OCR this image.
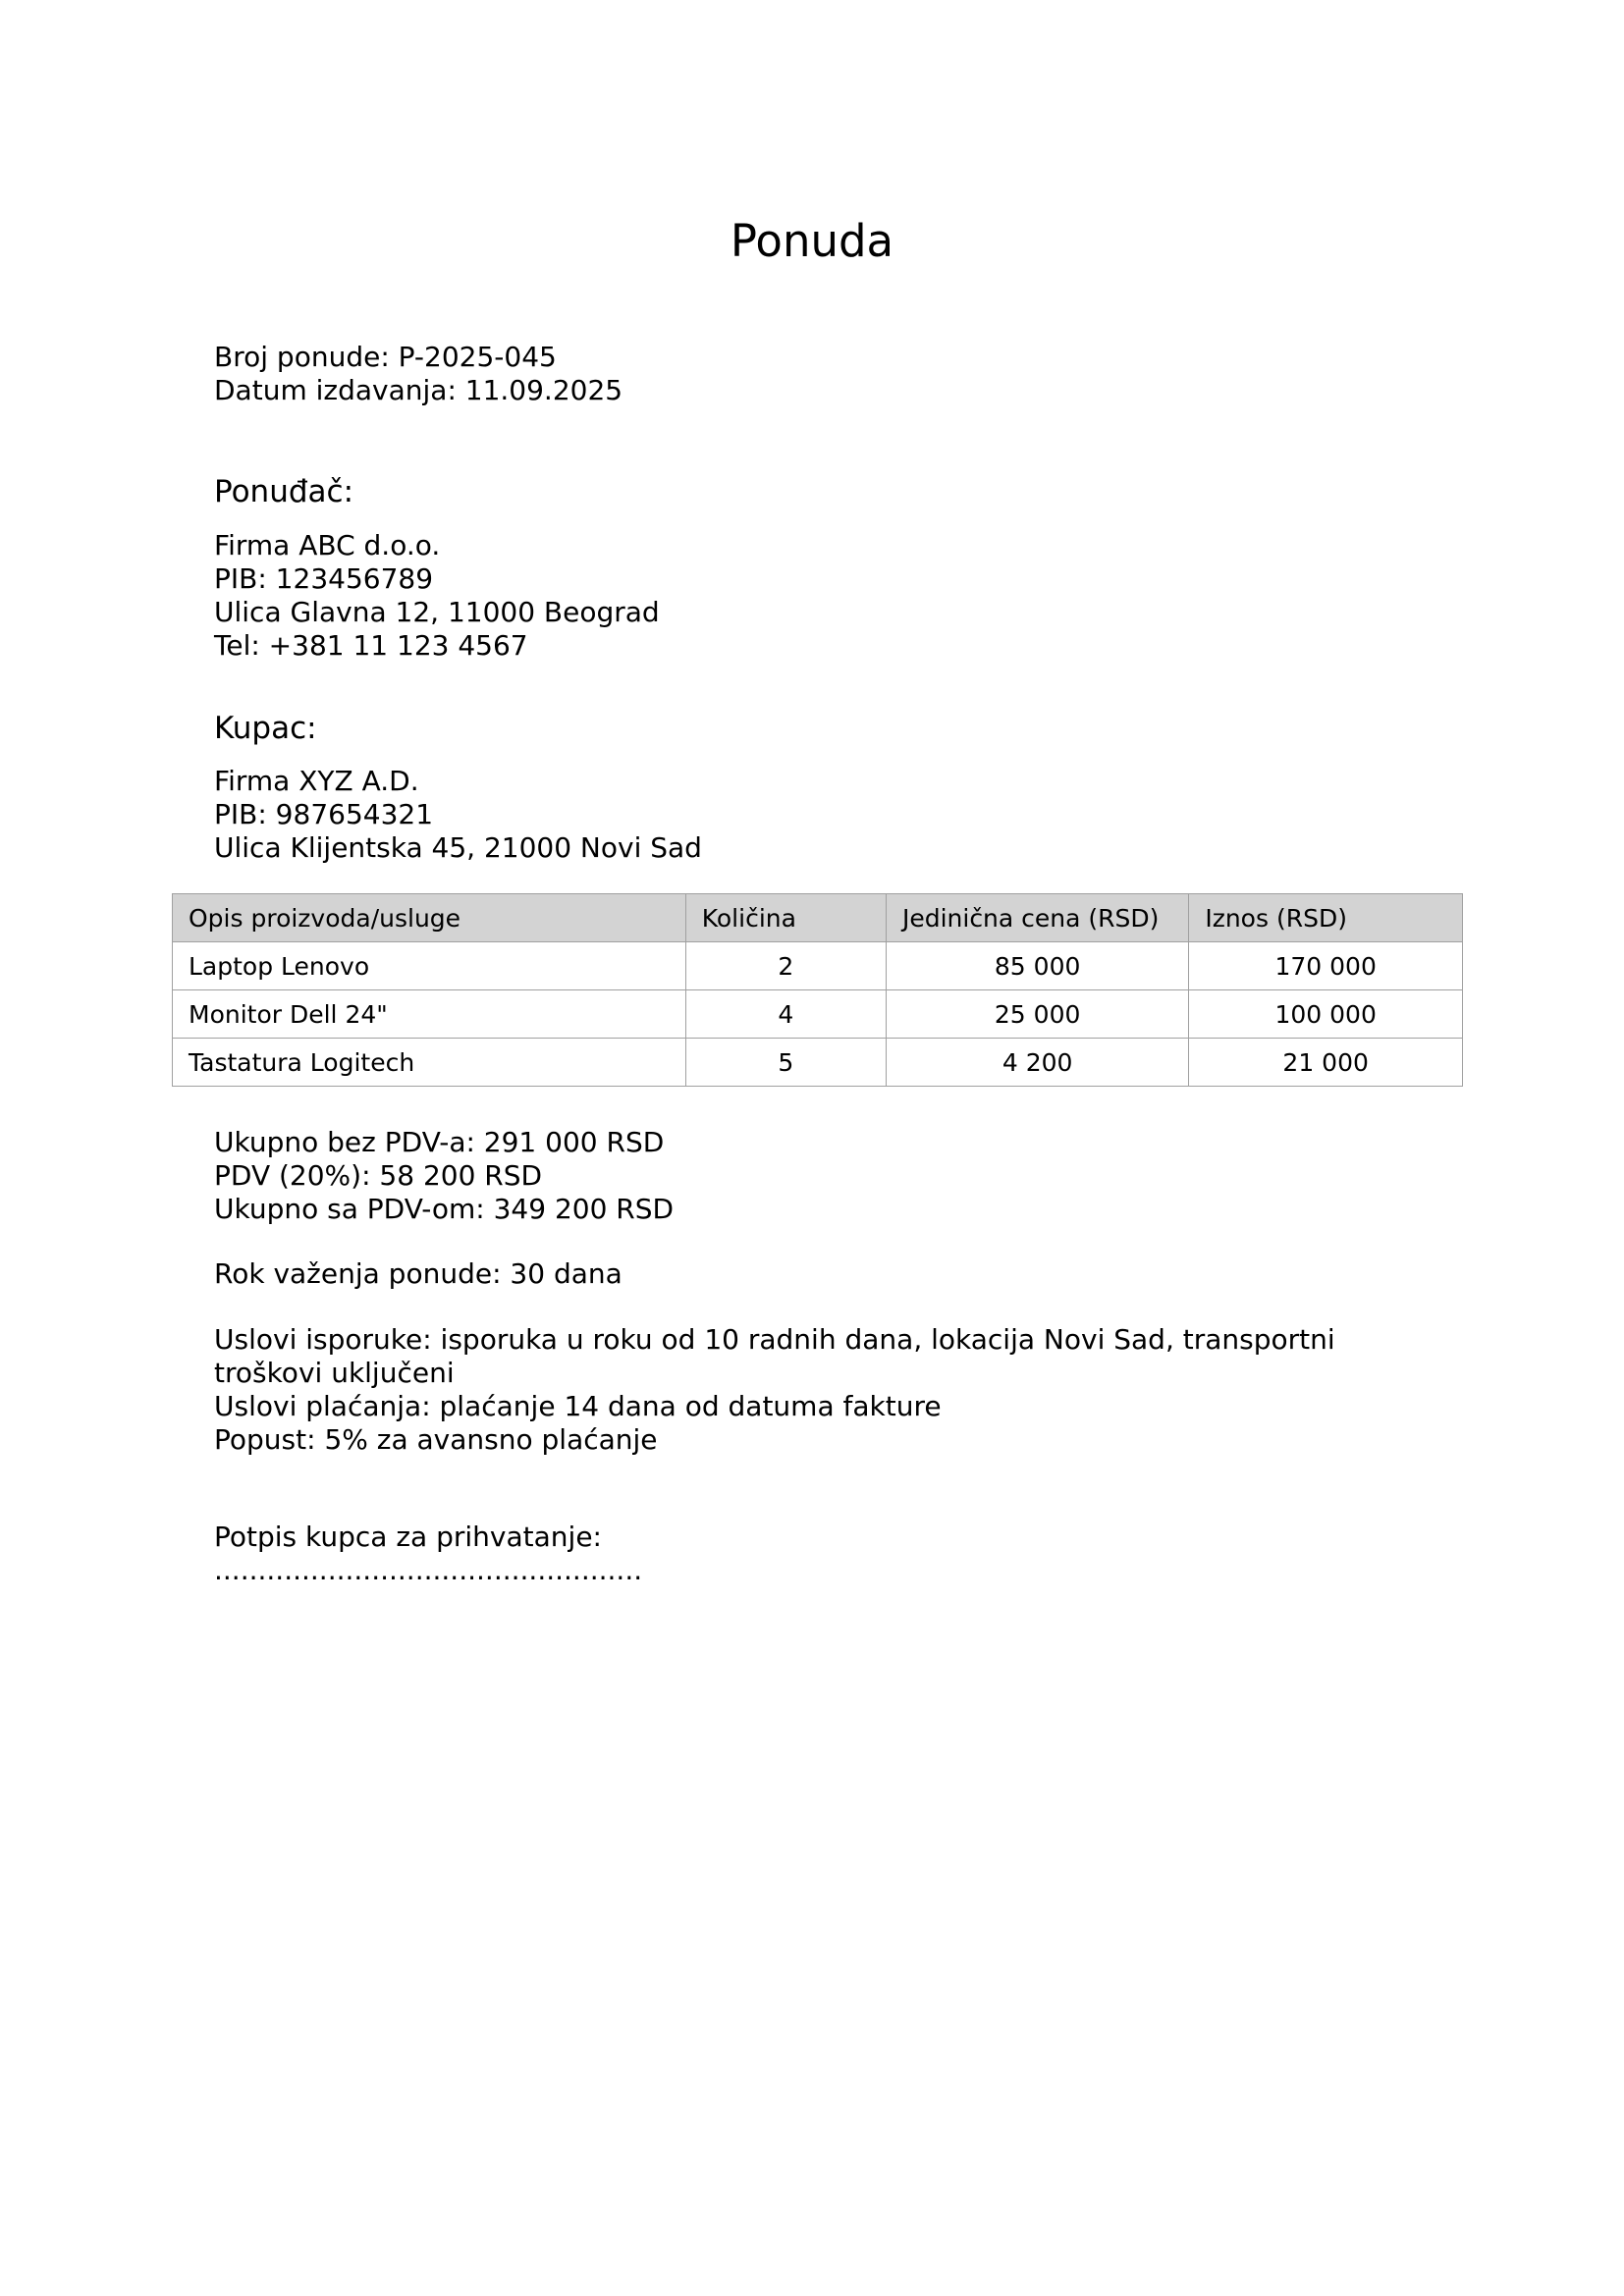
Ponuda
Broj ponude: P-2025-045
Datum izdavanja: 11.09.2025
Ponuđač:
Firma ABC d.o.o.
PIB: 123456789
Ulica Glavna 12, 11000 Beograd
Tel: +381 11 123 4567
Kupac:
Firma XYZ A.D.
PIB: 987654321
Ulica Klijentska 45, 21000 Novi Sad
Opis proizvoda/usluge	Količina	Jedinična cena (RSD)	Iznos (RSD)
Laptop Lenovo	2	85 000	170 000
Monitor Dell 24"	4	25 000	100 000
Tastatura Logitech	5	4 200	21 000
Ukupno bez PDV-a: 291 000 RSD
PDV (20%): 58 200 RSD
Ukupno sa PDV-om: 349 200 RSD
Rok važenja ponude: 30 dana
Uslovi isporuke: isporuka u roku od 10 radnih dana, lokacija Novi Sad, transportni troškovi uključeni
Uslovi plaćanja: plaćanje 14 dana od datuma fakture
Popust: 5% za avansno plaćanje
Potpis kupca za prihvatanje:
.................................................
